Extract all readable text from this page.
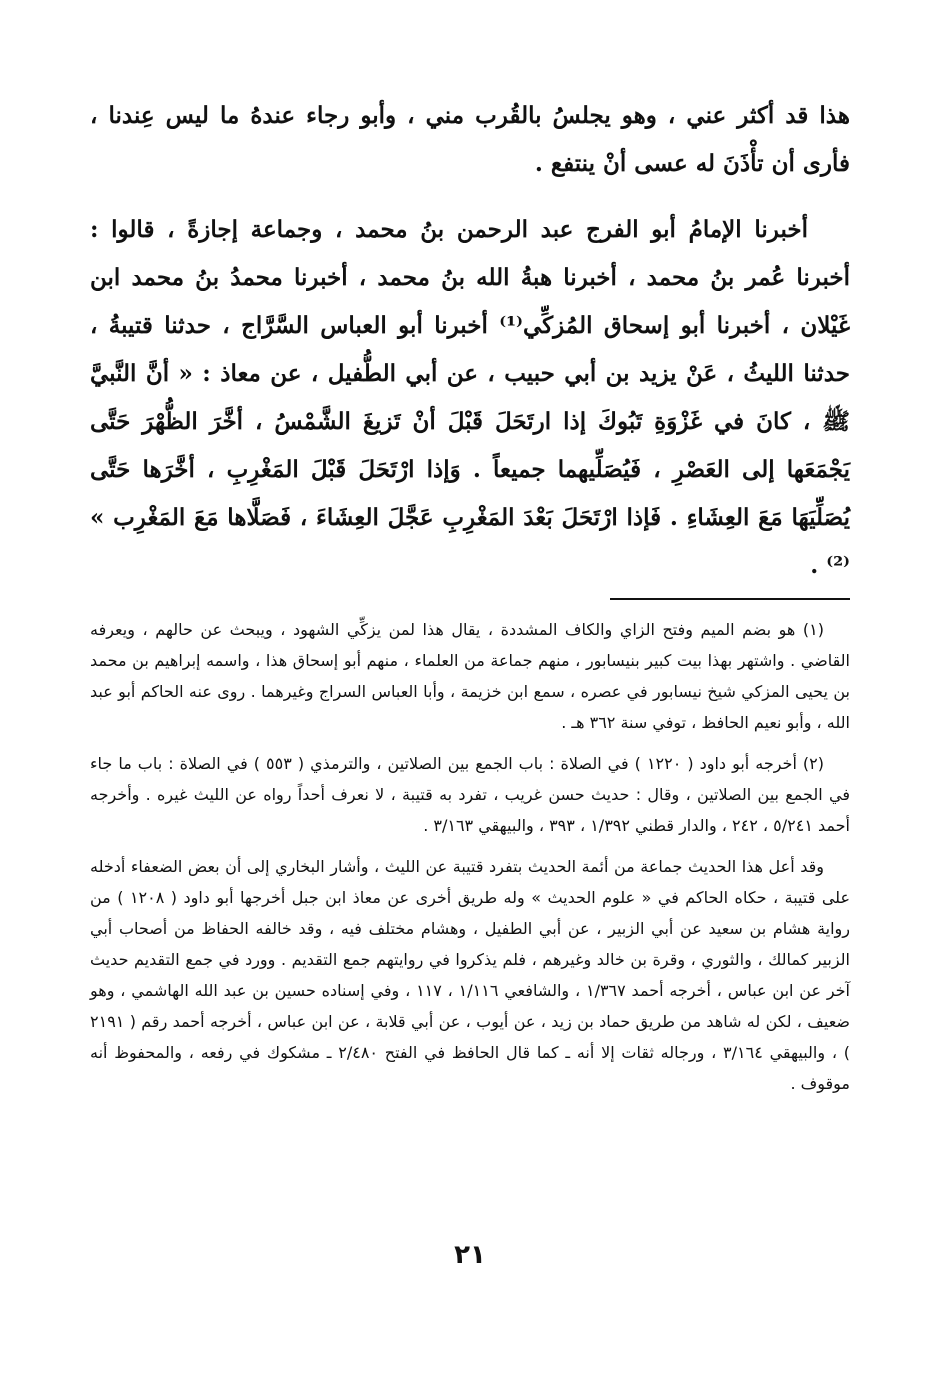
هذا قد أكثر عني ، وهو يجلسُ بالقُرب مني ، وأبو رجاء عندهُ ما ليس عِندنا ، فأرى أن تأْذَنَ له عسى أنْ ينتفع .

أخبرنا الإمامُ أبو الفرج عبد الرحمن بنُ محمد ، وجماعة إجازةً ، قالوا : أخبرنا عُمر بنُ محمد ، أخبرنا هبةُ الله بنُ محمد ، أخبرنا محمدُ بنُ محمد ابن غَيْلان ، أخبرنا أبو إسحاق المُزكِّي⁽¹⁾ أخبرنا أبو العباس السَّرَّاج ، حدثنا قتيبةُ ، حدثنا الليثُ ، عَنْ يزيد بن أبي حبيب ، عن أبي الطُّفيل ، عن معاذ : « أنَّ النَّبيَّ ﷺ ، كانَ في غَزْوَةِ تَبُوكَ إذا ارتَحَلَ قَبْلَ أنْ تَزيغَ الشَّمْسُ ، أخَّرَ الظُّهْرَ حَتَّى يَجْمَعَها إلى العَصْرِ ، فَيُصَلِّيهما جميعاً . وَإذا ارْتَحَلَ قَبْلَ المَغْرِبِ ، أخَّرَها حَتَّى يُصَلِّيَهَا مَعَ العِشَاءِ . فَإذا ارْتَحَلَ بَعْدَ المَغْرِبِ عَجَّلَ العِشَاءَ ، فَصَلَّاها مَعَ المَغْرِب » ⁽²⁾ .

(١) هو بضم الميم وفتح الزاي والكاف المشددة ، يقال هذا لمن يزكِّي الشهود ، ويبحث عن حالهم ، ويعرفه القاضي . واشتهر بهذا بيت كبير بنيسابور ، منهم جماعة من العلماء ، منهم أبو إسحاق هذا ، واسمه إبراهيم بن محمد بن يحيى المزكي شيخ نيسابور في عصره ، سمع ابن خزيمة ، وأبا العباس السراج وغيرهما . روى عنه الحاكم أبو عبد الله ، وأبو نعيم الحافظ ، توفي سنة ٣٦٢ هـ .

(٢) أخرجه أبو داود ( ١٢٢٠ ) في الصلاة : باب الجمع بين الصلاتين ، والترمذي ( ٥٥٣ ) في الصلاة : باب ما جاء في الجمع بين الصلاتين ، وقال : حديث حسن غريب ، تفرد به قتيبة ، لا نعرف أحداً رواه عن الليث غيره . وأخرجه أحمد ٥/٢٤١ ، ٢٤٢ ، والدار قطني ١/٣٩٢ ، ٣٩٣ ، والبيهقي ٣/١٦٣ .

وقد أعل هذا الحديث جماعة من أئمة الحديث بتفرد قتيبة عن الليث ، وأشار البخاري إلى أن بعض الضعفاء أدخله على قتيبة ، حكاه الحاكم في « علوم الحديث » وله طريق أخرى عن معاذ ابن جبل أخرجها أبو داود ( ١٢٠٨ ) من رواية هشام بن سعيد عن أبي الزبير ، عن أبي الطفيل ، وهشام مختلف فيه ، وقد خالفه الحفاظ من أصحاب أبي الزبير كمالك ، والثوري ، وقرة بن خالد وغيرهم ، فلم يذكروا في روايتهم جمع التقديم . وورد في جمع التقديم حديث آخر عن ابن عباس ، أخرجه أحمد ١/٣٦٧ ، والشافعي ١/١١٦ ، ١١٧ ، وفي إسناده حسين بن عبد الله الهاشمي ، وهو ضعيف ، لكن له شاهد من طريق حماد بن زيد ، عن أيوب ، عن أبي قلابة ، عن ابن عباس ، أخرجه أحمد رقم ( ٢١٩١ ) ، والبيهقي ٣/١٦٤ ، ورجاله ثقات إلا أنه ـ كما قال الحافظ في الفتح ٢/٤٨٠ ـ مشكوك في رفعه ، والمحفوظ أنه موقوف .

٢١
